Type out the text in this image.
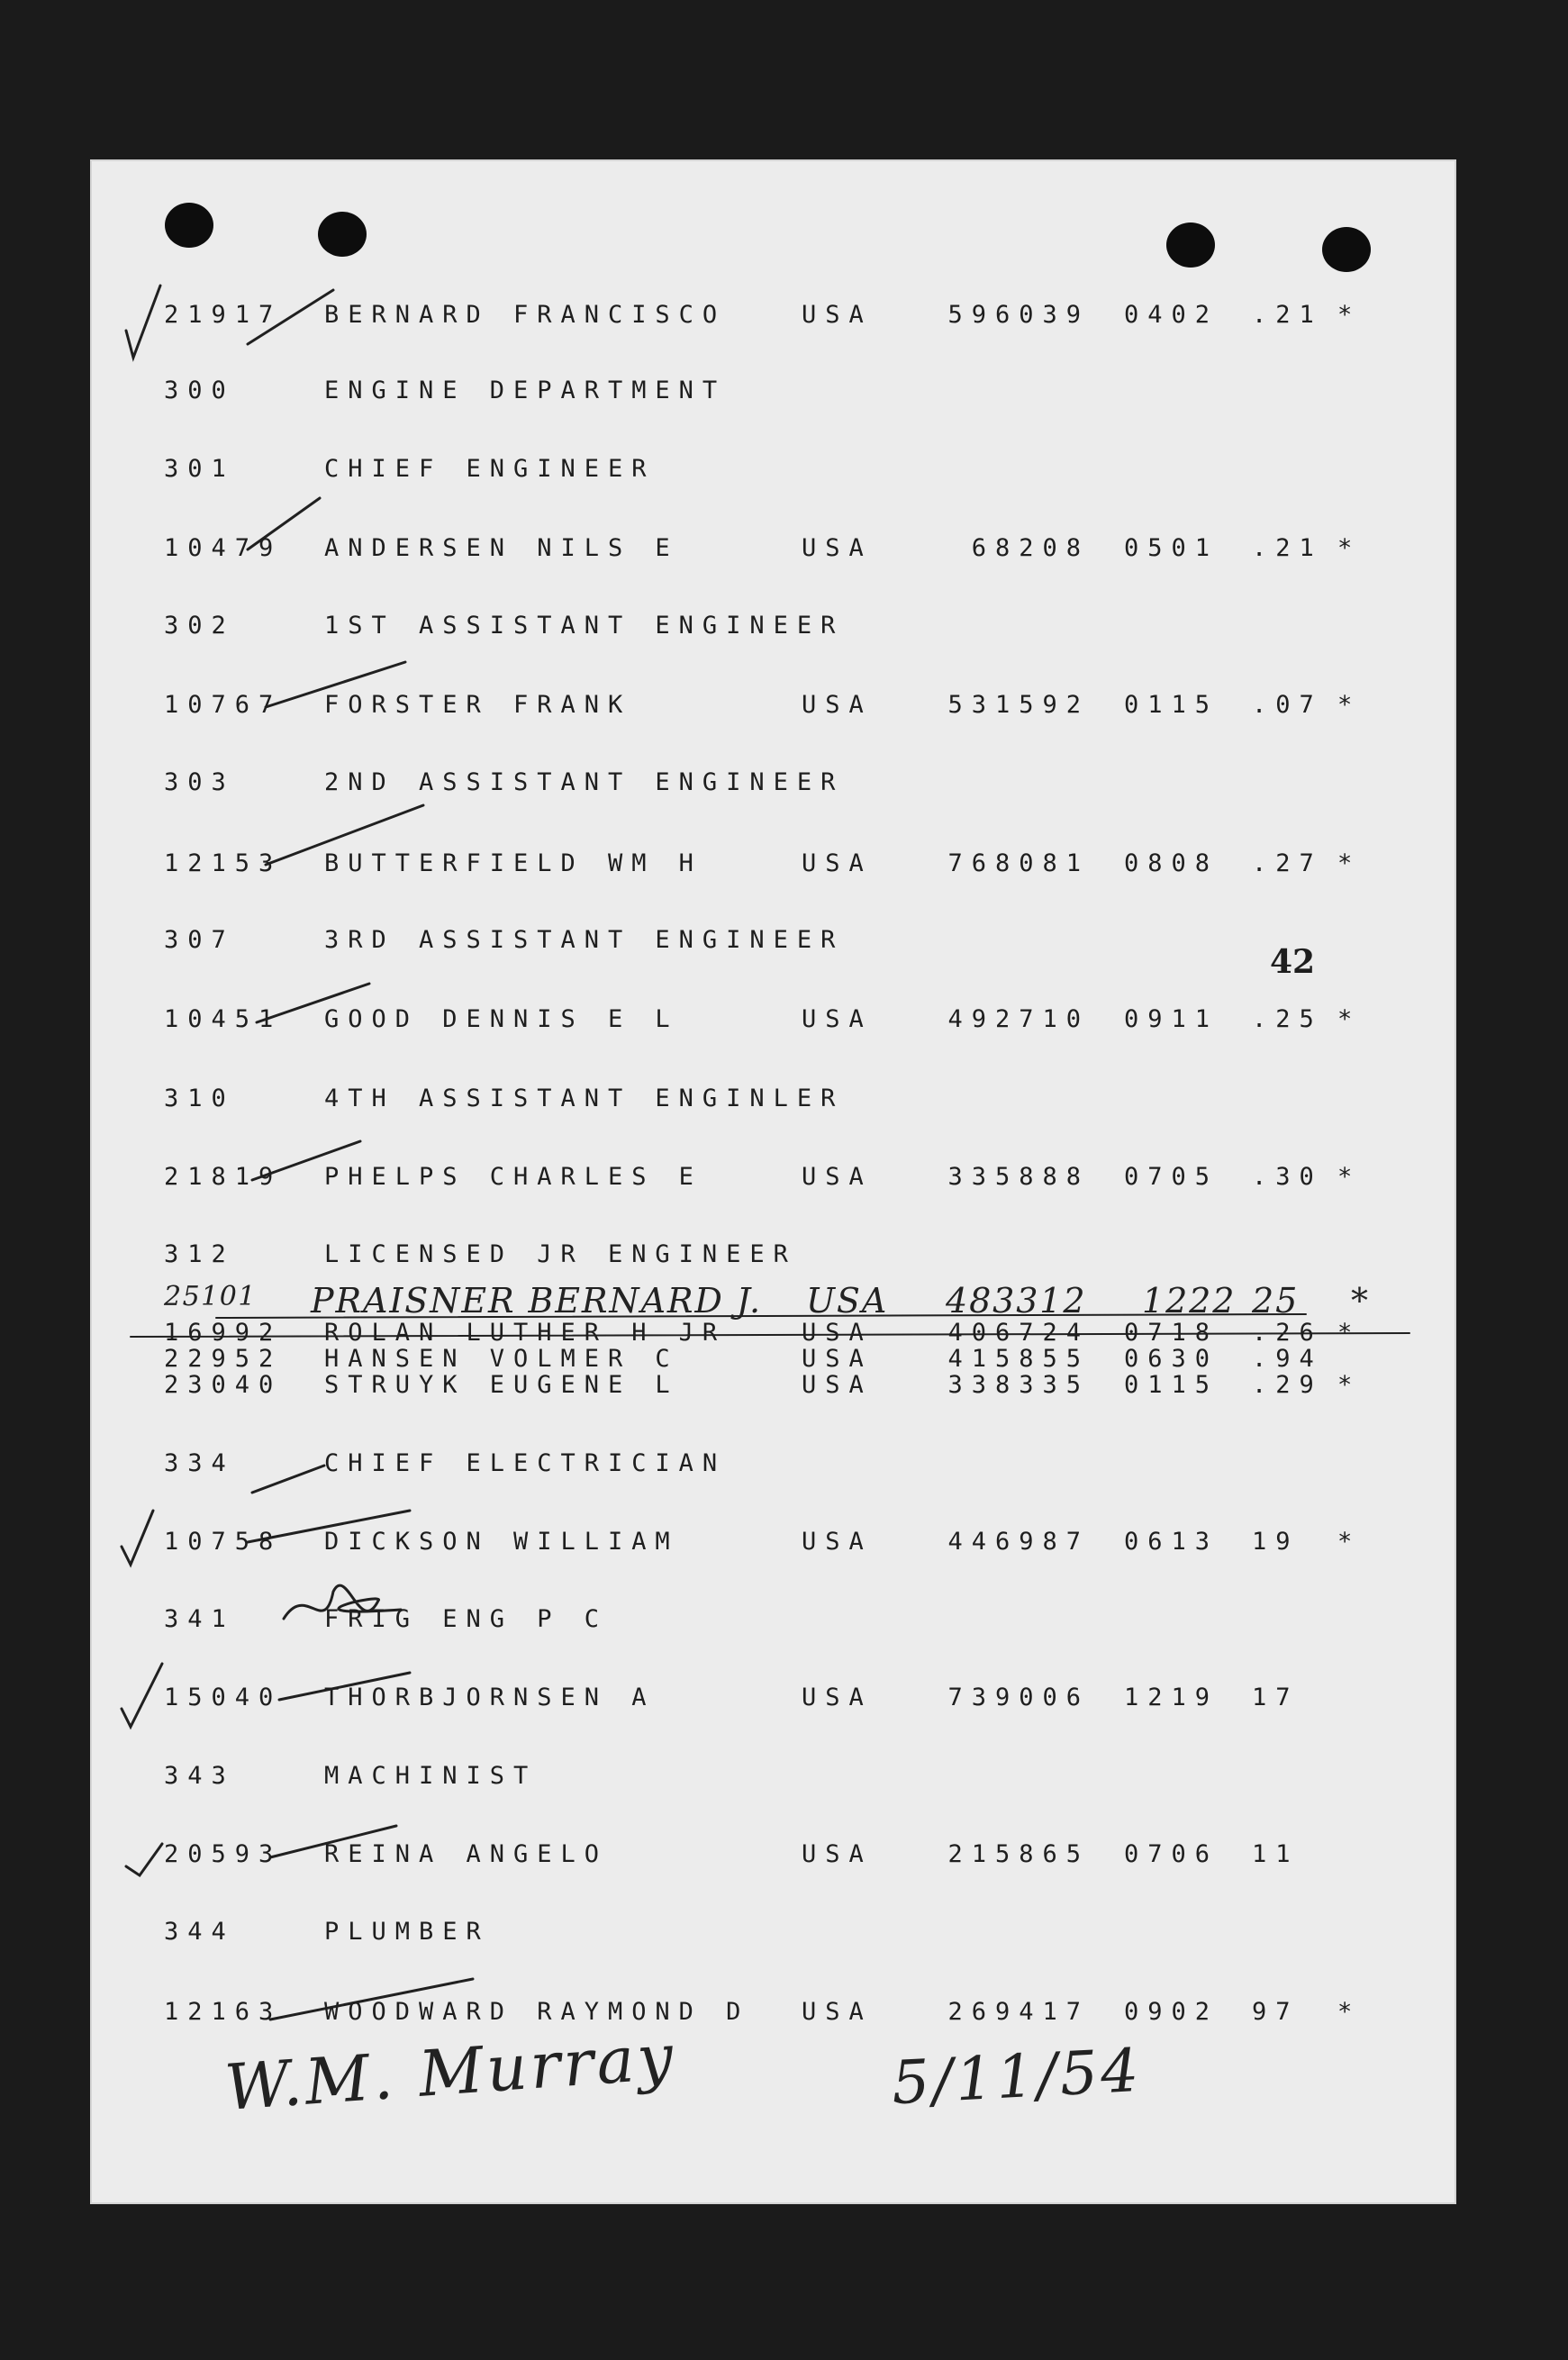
42
25101 PRAISNER BERNARD J. USA 483312 1222 25 *
W.M. Murray	5/11/54
21917 BERNARD FRANCISCO	USA	596039 0402 .21 *
300	ENGINE DEPARTMENT
301	CHIEF ENGINEER
10479 ANDERSEN NILS E	USA	68208 0501 .21 *
302	1ST ASSISTANT ENGINEER
10767 FORSTER FRANK	USA	531592 0115 .07 *
303	2ND ASSISTANT ENGINEER
12153 BUTTERFIELD WM H	USA	768081 0808 .27 *
307	3RD ASSISTANT ENGINEER
10451 GOOD DENNIS E L	USA	492710 0911 .25 *
310	4TH ASSISTANT ENGINLER
21819 PHELPS CHARLES E	USA	335888 0705 .30 *
312	LICENSED JR ENGINEER
16992 ROLAN LUTHER H JR	USA	406724 0718 .26 *
22952 HANSEN VOLMER C	USA	415855 0630 .94
23040 STRUYK EUGENE L	USA	338335 0115 .29 *
334	CHIEF ELECTRICIAN
10758 DICKSON WILLIAM	USA	446987 0613 19 *
341	FRIG ENG P C
15040 THORBJORNSEN A	USA	739006 1219 17
343	MACHINIST
20593 REINA ANGELO	USA	215865 0706 11
344	PLUMBER
12163 WOODWARD RAYMOND D USA	269417 0902 97 *
